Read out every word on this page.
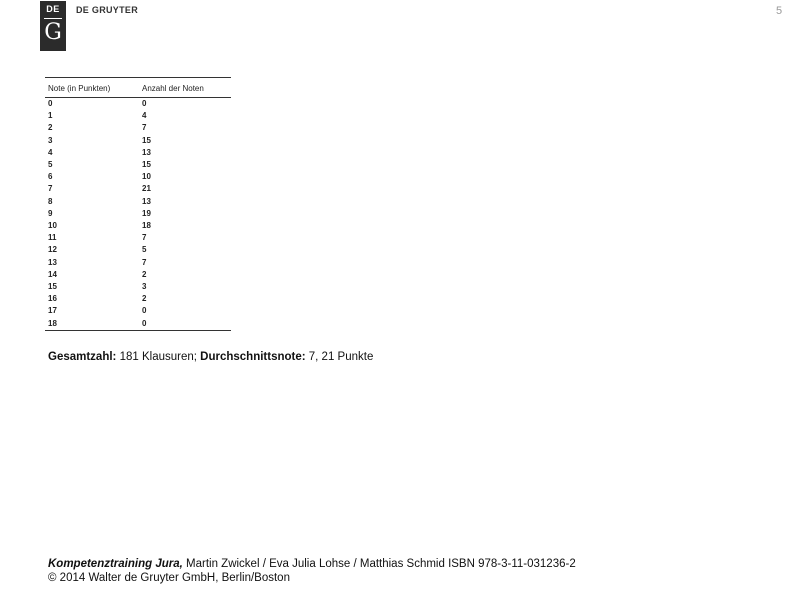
DE
G
DE GRUYTER	5
Note (in Punkten)	Anzahl der Noten
0	0
1	4
2	7
3	15
4	13
5	15
6	10
7	21
8	13
9	19
10	18
11	7
12	5
13	7
14	2
15	3
16	2
17	0
18	0
Gesamtzahl: 181 Klausuren; Durchschnittsnote: 7, 21 Punkte
Kompetenztraining Jura, Martin Zwickel / Eva Julia Lohse / Matthias Schmid ISBN 978-3-11-031236-2
© 2014 Walter de Gruyter GmbH, Berlin/Boston
